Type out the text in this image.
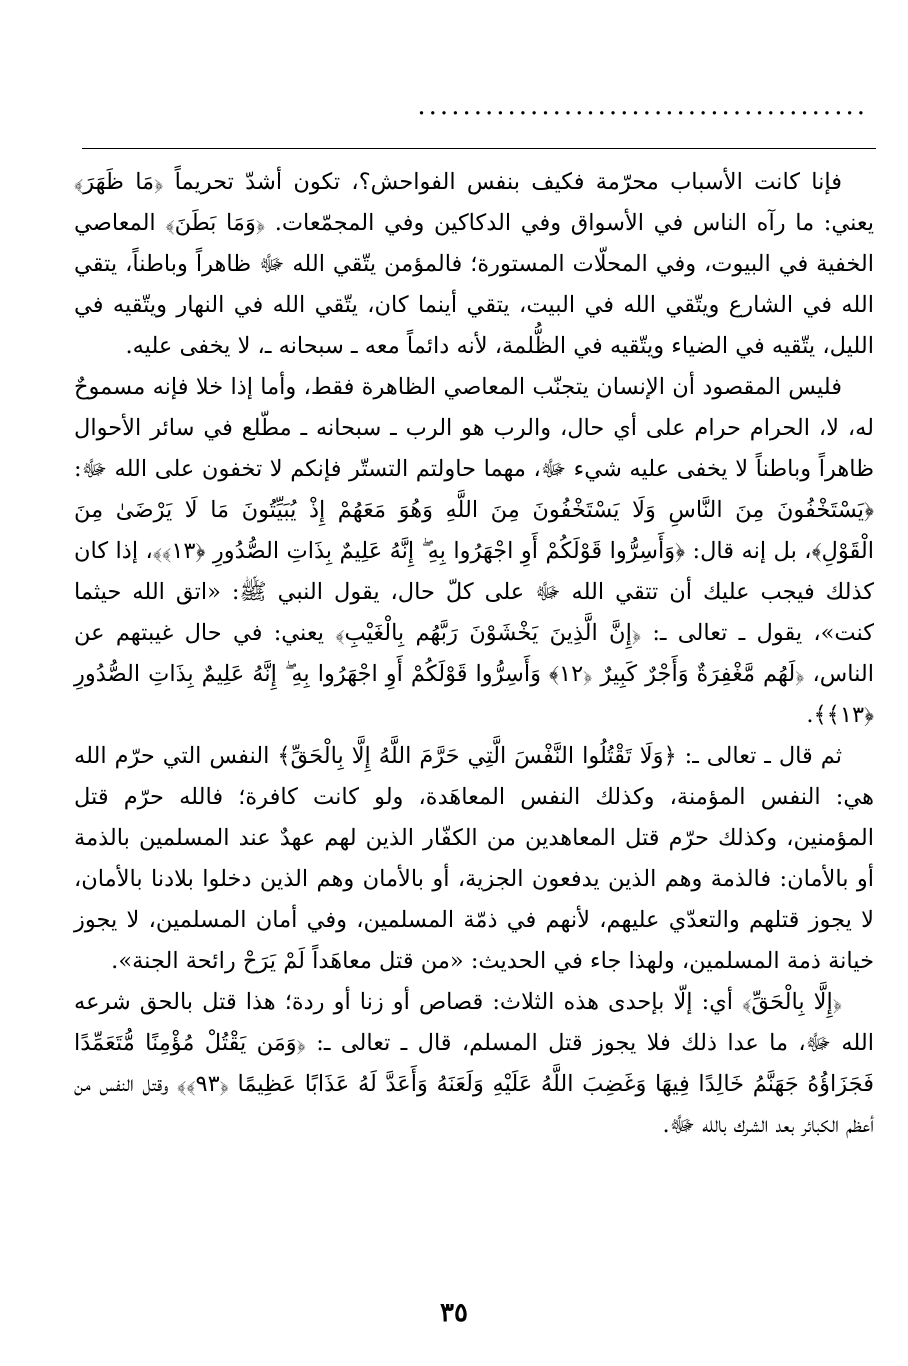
........................................

فإنا كانت الأسباب محرّمة فكيف بنفس الفواحش؟، تكون أشدّ تحريماً ﴿مَا ظَهَرَ﴾ يعني: ما رآه الناس في الأسواق وفي الدكاكين وفي المجمّعات. ﴿وَمَا بَطَنَ﴾ المعاصي الخفية في البيوت، وفي المحلّات المستورة؛ فالمؤمن يتّقي الله ﷻ ظاهراً وباطناً، يتقي الله في الشارع ويتّقي الله في البيت، يتقي أينما كان، يتّقي الله في النهار ويتّقيه في الليل، يتّقيه في الضياء ويتّقيه في الظُّلمة، لأنه دائماً معه ـ سبحانه ـ، لا يخفى عليه.

فليس المقصود أن الإنسان يتجنّب المعاصي الظاهرة فقط، وأما إذا خلا فإنه مسموحٌ له، لا، الحرام حرام على أي حال، والرب هو الرب ـ سبحانه ـ مطّلع في سائر الأحوال ظاهراً وباطناً لا يخفى عليه شيء ﷻ، مهما حاولتم التستّر فإنكم لا تخفون على الله ﷻ: ﴿يَسْتَخْفُونَ مِنَ النَّاسِ وَلَا يَسْتَخْفُونَ مِنَ اللَّهِ وَهُوَ مَعَهُمْ إِذْ يُبَيِّتُونَ مَا لَا يَرْضَىٰ مِنَ الْقَوْلِ﴾، بل إنه قال: ﴿وَأَسِرُّوا قَوْلَكُمْ أَوِ اجْهَرُوا بِهِ ۖ إِنَّهُ عَلِيمٌ بِذَاتِ الصُّدُورِ ﴿١٣﴾﴾، إذا كان كذلك فيجب عليك أن تتقي الله ﷻ على كلّ حال، يقول النبي ﷺ: «اتق الله حيثما كنت»، يقول ـ تعالى ـ: ﴿إِنَّ الَّذِينَ يَخْشَوْنَ رَبَّهُم بِالْغَيْبِ﴾ يعني: في حال غيبتهم عن الناس، ﴿لَهُم مَّغْفِرَةٌ وَأَجْرٌ كَبِيرٌ ﴿١٢﴾ وَأَسِرُّوا قَوْلَكُمْ أَوِ اجْهَرُوا بِهِ ۖ إِنَّهُ عَلِيمٌ بِذَاتِ الصُّدُورِ ﴿١٣﴾﴾.

ثم قال ـ تعالى ـ: ﴿وَلَا تَقْتُلُوا النَّفْسَ الَّتِي حَرَّمَ اللَّهُ إِلَّا بِالْحَقِّ﴾ النفس التي حرّم الله هي: النفس المؤمنة، وكذلك النفس المعاهَدة، ولو كانت كافرة؛ فالله حرّم قتل المؤمنين، وكذلك حرّم قتل المعاهدين من الكفّار الذين لهم عهدٌ عند المسلمين بالذمة أو بالأمان: فالذمة وهم الذين يدفعون الجزية، أو بالأمان وهم الذين دخلوا بلادنا بالأمان، لا يجوز قتلهم والتعدّي عليهم، لأنهم في ذمّة المسلمين، وفي أمان المسلمين، لا يجوز خيانة ذمة المسلمين، ولهذا جاء في الحديث: «من قتل معاهَداً لَمْ يَرَحْ رائحة الجنة».

﴿إِلَّا بِالْحَقِّ﴾ أي: إلّا بإحدى هذه الثلاث: قصاص أو زنا أو ردة؛ هذا قتل بالحق شرعه الله ﷻ، ما عدا ذلك فلا يجوز قتل المسلم، قال ـ تعالى ـ: ﴿وَمَن يَقْتُلْ مُؤْمِنًا مُّتَعَمِّدًا فَجَزَاؤُهُ جَهَنَّمُ خَالِدًا فِيهَا وَغَضِبَ اللَّهُ عَلَيْهِ وَلَعَنَهُ وَأَعَدَّ لَهُ عَذَابًا عَظِيمًا ﴿٩٣﴾﴾ وقتل النفس من أعظم الكبائر بعد الشرك بالله ﷻ.

٣٥
